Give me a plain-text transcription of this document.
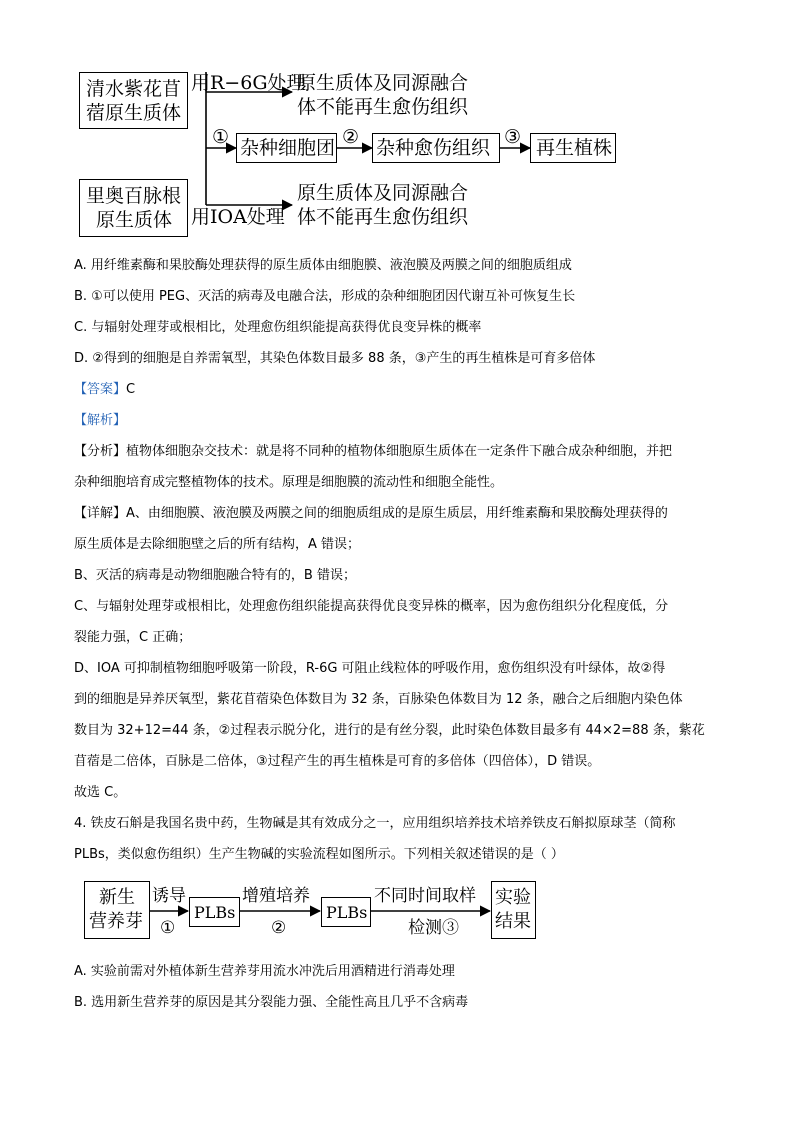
清水紫花苜
蓿原生质体
用R−6G处理
原生质体及同源融合
体不能再生愈伤组织
① 杂种细胞团 ② 杂种愈伤组织 ③ 再生植株
里奥百脉根
原生质体 用IOA处理
原生质体及同源融合
体不能再生愈伤组织
A. 用纤维素酶和果胶酶处理获得的原生质体由细胞膜、液泡膜及两膜之间的细胞质组成
B. ①可以使用 PEG、灭活的病毒及电融合法，形成的杂种细胞团因代谢互补可恢复生长
C. 与辐射处理芽或根相比，处理愈伤组织能提高获得优良变异株的概率
D. ②得到的细胞是自养需氧型，其染色体数目最多 88 条，③产生的再生植株是可育多倍体
【答案】C
【解析】
【分析】植物体细胞杂交技术：就是将不同种的植物体细胞原生质体在一定条件下融合成杂种细胞，并把
杂种细胞培育成完整植物体的技术。原理是细胞膜的流动性和细胞全能性。
【详解】A、由细胞膜、液泡膜及两膜之间的细胞质组成的是原生质层，用纤维素酶和果胶酶处理获得的
原生质体是去除细胞壁之后的所有结构，A 错误；
B、灭活的病毒是动物细胞融合特有的，B 错误；
C、与辐射处理芽或根相比，处理愈伤组织能提高获得优良变异株的概率，因为愈伤组织分化程度低，分
裂能力强，C 正确；
D、IOA 可抑制植物细胞呼吸第一阶段，R-6G 可阻止线粒体的呼吸作用，愈伤组织没有叶绿体，故②得
到的细胞是异养厌氧型，紫花苜蓿染色体数目为 32 条，百脉染色体数目为 12 条，融合之后细胞内染色体
数目为 32+12=44 条，②过程表示脱分化，进行的是有丝分裂，此时染色体数目最多有 44×2=88 条，紫花
苜蓿是二倍体，百脉是二倍体，③过程产生的再生植株是可育的多倍体（四倍体），D 错误。
故选 C。
4. 铁皮石斛是我国名贵中药，生物碱是其有效成分之一，应用组织培养技术培养铁皮石斛拟原球茎（简称
PLBs，类似愈伤组织）生产生物碱的实验流程如图所示。下列相关叙述错误的是（ ）
新生
营养芽
诱导
①
PLBs
增殖培养
②
PLBs
不同时间取样
检测③
实验
结果
A. 实验前需对外植体新生营养芽用流水冲洗后用酒精进行消毒处理
B. 选用新生营养芽的原因是其分裂能力强、全能性高且几乎不含病毒
